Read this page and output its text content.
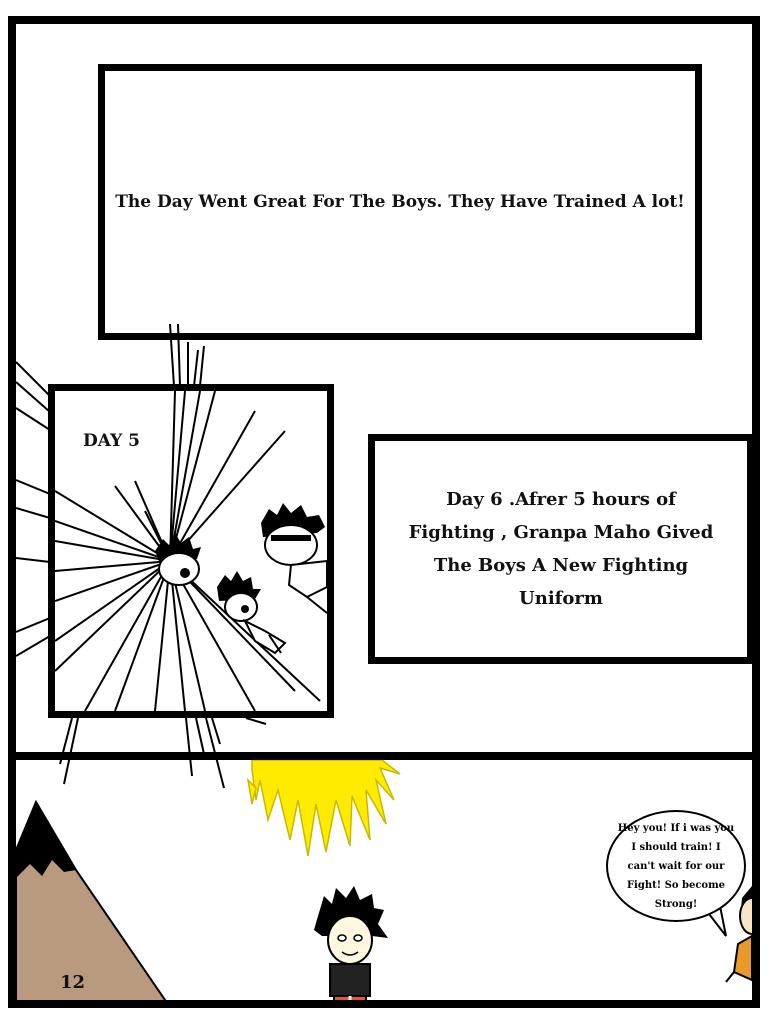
The Day Went Great For The Boys. They Have Trained A lot!
DAY 5
Day 6 .Afrer 5 hours of Fighting , Granpa Maho Gived The Boys A New Fighting Uniform
Hey you! If i was you I should train! I can't wait for our Fight! So become Strong!
12
